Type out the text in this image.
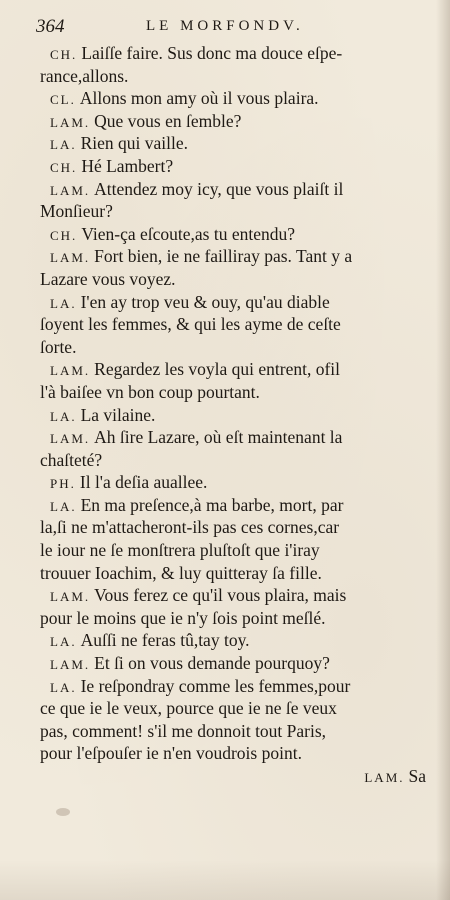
364	LE MORFONDV.
CH. Laiſſe faire. Sus donc ma douce eſpe-
rance,allons.
CL. Allons mon amy où il vous plaira.
LAM. Que vous en ſemble?
LA. Rien qui vaille.
CH. Hé Lambert?
LAM. Attendez moy icy, que vous plaiſt il
Monſieur?
CH. Vien-ça eſcoute,as tu entendu?
LAM. Fort bien, ie ne failliray pas. Tant y a
Lazare vous voyez.
LA. I'en ay trop veu & ouy, qu'au diable
ſoyent les femmes, & qui les ayme de ceſte
ſorte.
LAM. Regardez les voyla qui entrent, ofil
l'à baiſee vn bon coup pourtant.
LA. La vilaine.
LAM. Ah ſire Lazare, où eſt maintenant la
chaſteté?
PH. Il l'a deſia auallee.
LA. En ma preſence,à ma barbe, mort, par
la,ſi ne m'attacheront-ils pas ces cornes,car
le iour ne ſe monſtrera pluſtoſt que i'iray
trouuer Ioachim, & luy quitteray ſa fille.
LAM. Vous ferez ce qu'il vous plaira, mais
pour le moins que ie n'y ſois point meſlé.
LA. Auſſi ne feras tû,tay toy.
LAM. Et ſi on vous demande pourquoy?
LA. Ie reſpondray comme les femmes,pour
ce que ie le veux, pource que ie ne ſe veux
pas, comment! s'il me donnoit tout Paris,
pour l'eſpouſer ie n'en voudrois point.
LAM. Sa
